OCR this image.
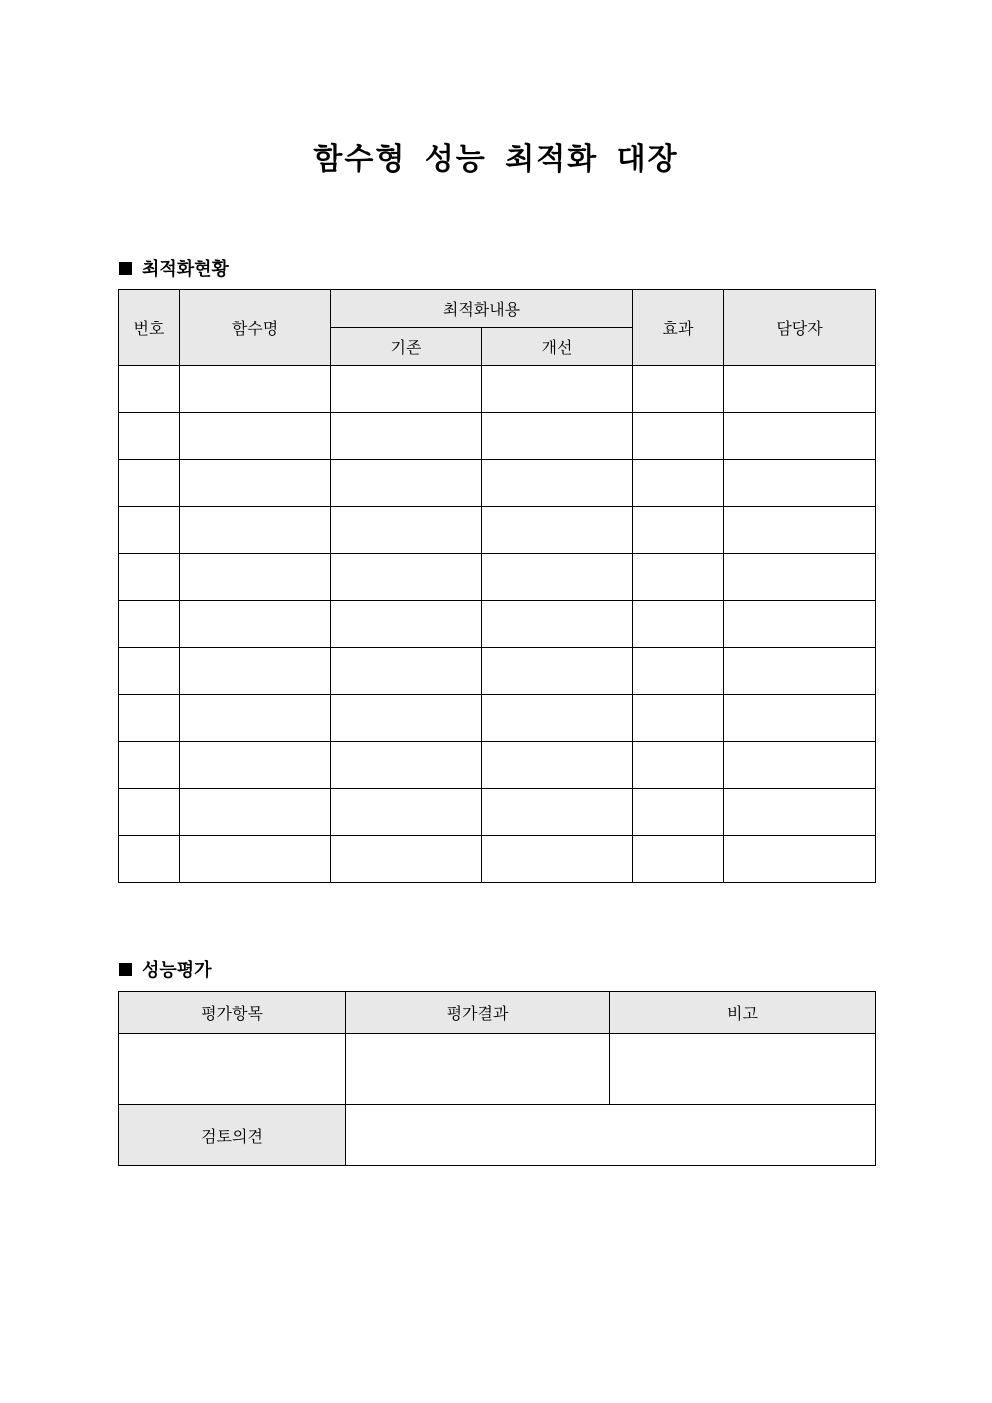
함수형 성능 최적화 대장
최적화현황
번호	함수명	최적화내용		효과	담당자
		기존	개선		

성능평가
평가항목	평가결과	비고

검토의견		
